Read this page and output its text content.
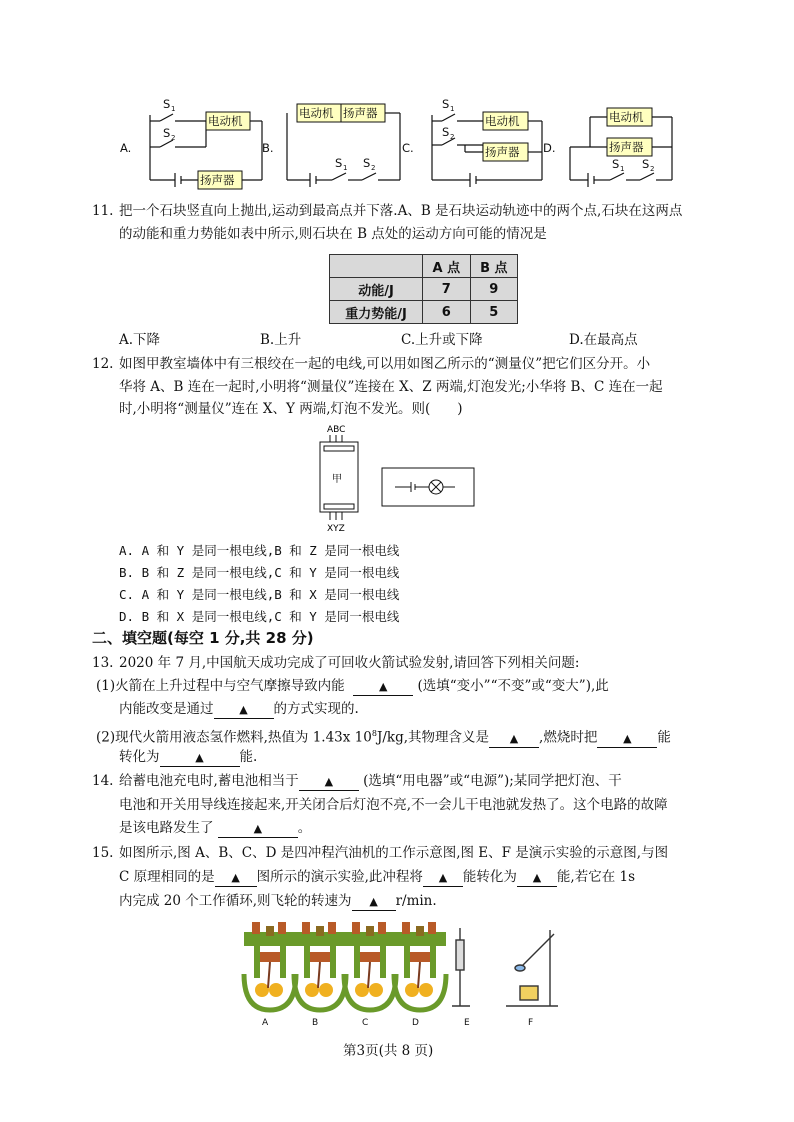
A.
电动机
扬声器
S 1
S 2
B.
电动机 扬声器
S 1 S 2
C.
电动机
扬声器
S 1
S 2
D.
电动机
扬声器
S 1 S 2
11. 把一个石块竖直向上抛出,运动到最高点并下落.A、B 是石块运动轨迹中的两个点,石块在这两点
的动能和重力势能如表中所示,则石块在 B 点处的运动方向可能的情况是
	A 点	B 点
动能/J	7	9
重力势能/J	6	5
A.下降	B.上升	C.上升或下降	D.在最高点
12. 如图甲教室墙体中有三根绞在一起的电线,可以用如图乙所示的“测量仪”把它们区分开。小
华将 A、B 连在一起时,小明将“测量仪”连接在 X、Z 两端,灯泡发光;小华将 B、C 连在一起
时,小明将“测量仪”连在 X、Y 两端,灯泡不发光。则(　　)
ABC
甲
XYZ
A. A 和 Y 是同一根电线,B 和 Z 是同一根电线
B. B 和 Z 是同一根电线,C 和 Y 是同一根电线
C. A 和 Y 是同一根电线,B 和 X 是同一根电线
D. B 和 X 是同一根电线,C 和 Y 是同一根电线
二、填空题(每空 1 分,共 28 分)
13. 2020 年 7 月,中国航天成功完成了可回收火箭试验发射,请回答下列相关问题:
(1)火箭在上升过程中与空气摩擦导致内能	▲ (选填“变小”“不变”或“变大”),此
内能改变是通过 ▲ 的方式实现的.
(2)现代火箭用液态氢作燃料,热值为 1.43x $10^8J/kg$,其物理含义是 ▲ ,燃烧时把 ▲ 能
转化为	▲	能.
14. 给蓄电池充电时,蓄电池相当于 ▲ (选填“用电器”或“电源”);某同学把灯泡、干
电池和开关用导线连接起来,开关闭合后灯泡不亮,不一会儿干电池就发热了。这个电路的故障
是该电路发生了	▲	。
15. 如图所示,图 A、B、C、D 是四冲程汽油机的工作示意图,图 E、F 是演示实验的示意图,与图
C 原理相同的是 ▲ 图所示的演示实验,此冲程将 ▲ 能转化为 ▲ 能,若它在 1s
内完成 20 个工作循环,则飞轮的转速为 ▲ r/min.
A	B	C	D	E	F
第3页(共 8 页)
